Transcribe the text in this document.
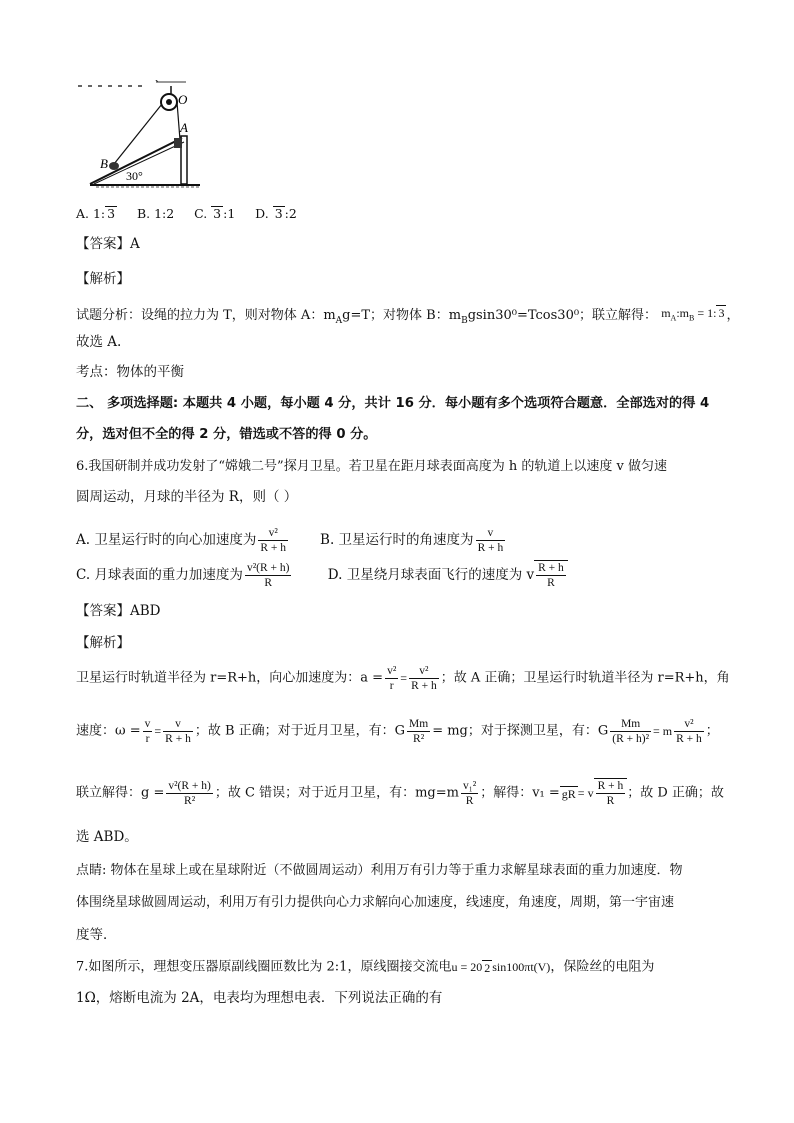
O
A
B
30°
A. 1: 3 B. 1:2 C. 3 :1 D. 3 :2
【答案】A
【解析】
试题分析：设绳的拉力为 T，则对物体 A：$m_Ag=T$；对物体 B：$m_Bgsin30^0=Tcos30^0$；联立解得： $m_A:m_B = 1$: 3 ，
故选 A.
考点：物体的平衡
二、 多项选择题: 本题共 4 小题，每小题 4 分，共计 16 分．每小题有多个选项符合题意．全部选对的得 4
分，选对但不全的得 2 分，错选或不答的得 0 分。
6.我国研制并成功发射了“嫦娥二号”探月卫星。若卫星在距月球表面高度为 h 的轨道上以速度 v 做匀速
圆周运动，月球的半径为 R，则（ ）
A. 卫星运行时的向心加速度为 $\frac{\text{v²}}{R + h} B$. 卫星运行时的角速度为 $\frac{v}{R + h}$
C. 月球表面的重力加速度为 $\frac{\text{v²(R + h)}}{R}$	D. 卫星绕月球表面飞行的速度为 v $\frac{R + h}{R}$
【答案】ABD
【解析】
卫星运行时轨道半径为 r=R+h，向心加速度为：$a = \frac{\text{v²}}{r} = \frac{\text{v²}}{R + h}$ ；故 A 正确；卫星运行时轨道半径为 r=R+h，角
速度：$\omega = \frac{v}{r} = \frac{v}{R + h}$ ；故 B 正确；对于近月卫星，有：G $\frac{Mm}{\text{R²}}$ = mg；对于探测卫星，有：G $\frac{Mm}{\text{(R + h)²}} = m \frac{\text{v²}}{R + h}$ ；
联立解得：$g = \frac{\text{v²(R + h)}}{\text{R²}}$ ；故 C 错误；对于近月卫星，有：$mg=m \frac{\text{v₁²}}{R}$ ；解得：v₁ = gR = v $\frac{R + h}{R}$ ；故 D 正确；故
选 ABD。
点睛: 物体在星球上或在星球附近（不做圆周运动）利用万有引力等于重力求解星球表面的重力加速度．物
体围绕星球做圆周运动，利用万有引力提供向心力求解向心加速度，线速度，角速度，周期，第一宇宙速
度等．
7.如图所示，理想变压器原副线圈匝数比为 2:1，原线圈接交流电u = 20 2 sin100πt(V)，保险丝的电阻为
1Ω，熔断电流为 2A，电表均为理想电表．下列说法正确的有
